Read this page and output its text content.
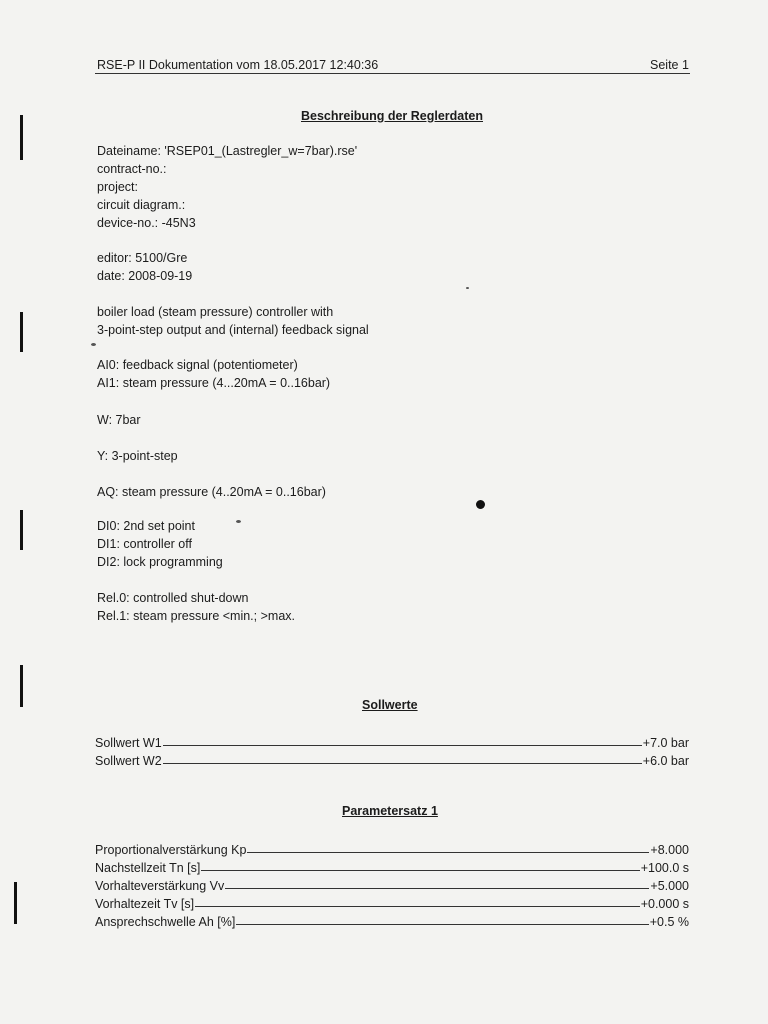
RSE-P II Dokumentation vom 18.05.2017 12:40:36	Seite 1
Beschreibung der Reglerdaten
Dateiname: 'RSEP01_(Lastregler_w=7bar).rse'
contract-no.:
project:
circuit diagram.:
device-no.: -45N3
editor: 5100/Gre
date: 2008-09-19
boiler load (steam pressure) controller with
3-point-step output and (internal) feedback signal
AI0: feedback signal (potentiometer)
AI1: steam pressure (4...20mA = 0..16bar)
W: 7bar
Y: 3-point-step
AQ: steam pressure (4..20mA = 0..16bar)
DI0: 2nd set point
DI1: controller off
DI2: lock programming
Rel.0: controlled shut-down
Rel.1: steam pressure <min.; >max.
Sollwerte
Sollwert W1	+7.0 bar
Sollwert W2	+6.0 bar
Parametersatz 1
Proportionalverstärkung Kp	+8.000
Nachstellzeit Tn [s]	+100.0 s
Vorhalteverstärkung Vv	+5.000
Vorhaltezeit Tv [s]	+0.000 s
Ansprechschwelle Ah [%]	+0.5 %
